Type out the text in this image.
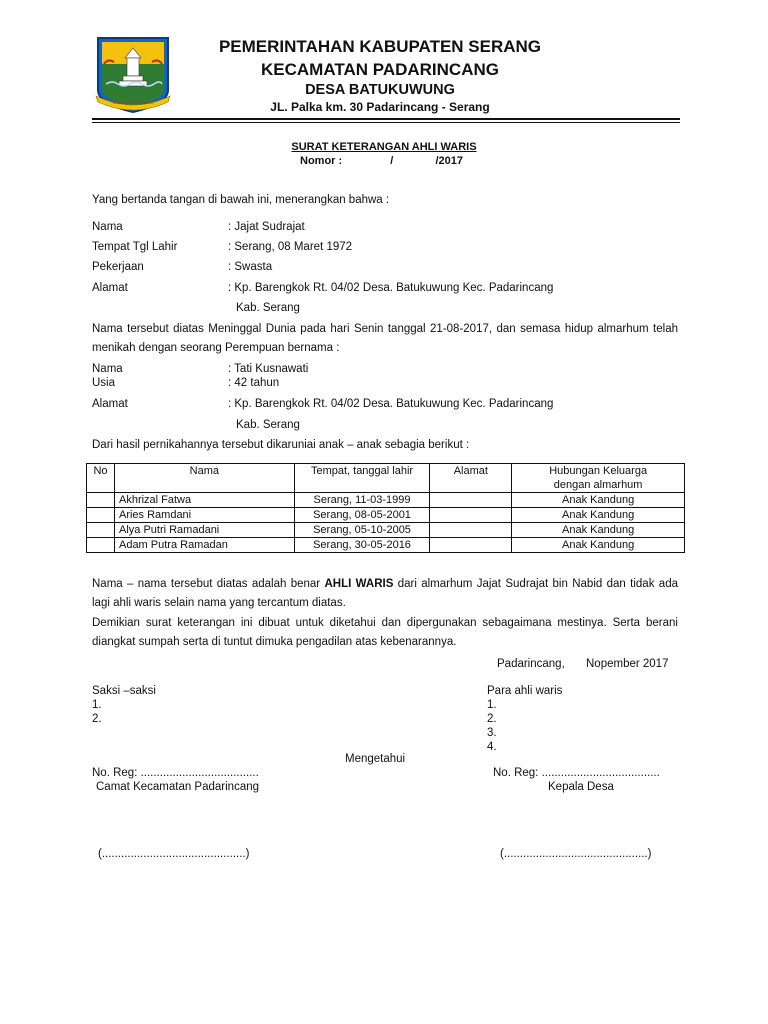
BANGUN PRAWIRA SATYA
PEMERINTAHAN KABUPATEN SERANG
KECAMATAN PADARINCANG
DESA BATUKUWUNG
JL. Palka km. 30 Padarincang - Serang
SURAT KETERANGAN AHLI WARIS
Nomor :	/	/2017
Yang bertanda tangan di bawah ini, menerangkan bahwa :
Nama	: Jajat Sudrajat
Tempat Tgl Lahir	: Serang, 08 Maret 1972
Pekerjaan	: Swasta
Alamat	: Kp. Barengkok Rt. 04/02 Desa. Batukuwung Kec. Padarincang
Kab. Serang
Nama tersebut diatas Meninggal Dunia pada hari Senin tanggal 21-08-2017, dan semasa hidup almarhum telah menikah dengan seorang Perempuan bernama :
Nama	: Tati Kusnawati
Usia	: 42 tahun
Alamat	: Kp. Barengkok Rt. 04/02 Desa. Batukuwung Kec. Padarincang
Kab. Serang
Dari hasil pernikahannya tersebut dikaruniai anak – anak sebagia berikut :
No	Nama	Tempat, tanggal lahir	Alamat	Hubungan Keluarga
dengan almarhum

	Akhrizal Fatwa	Serang, 11-03-1999		Anak Kandung
	Aries Ramdani	Serang, 08-05-2001		Anak Kandung
	Alya Putri Ramadani	Serang, 05-10-2005		Anak Kandung
	Adam Putra Ramadan	Serang, 30-05-2016		Anak Kandung
Nama – nama tersebut diatas adalah benar AHLI WARIS dari almarhum Jajat Sudrajat bin Nabid dan tidak ada lagi ahli waris selain nama yang tercantum diatas.
Demikian surat keterangan ini dibuat untuk diketahui dan dipergunakan sebagaimana mestinya. Serta berani diangkat sumpah serta di tuntut dimuka pengadilan atas kebenarannya.
Padarincang, Nopember 2017
Saksi –saksi
1.
2.
Para ahli waris
1.
2.
3.
4.
Mengetahui
No. Reg: .....................................
Camat Kecamatan Padarincang
(.............................................)
No. Reg: .....................................
Kepala Desa
(.............................................)
